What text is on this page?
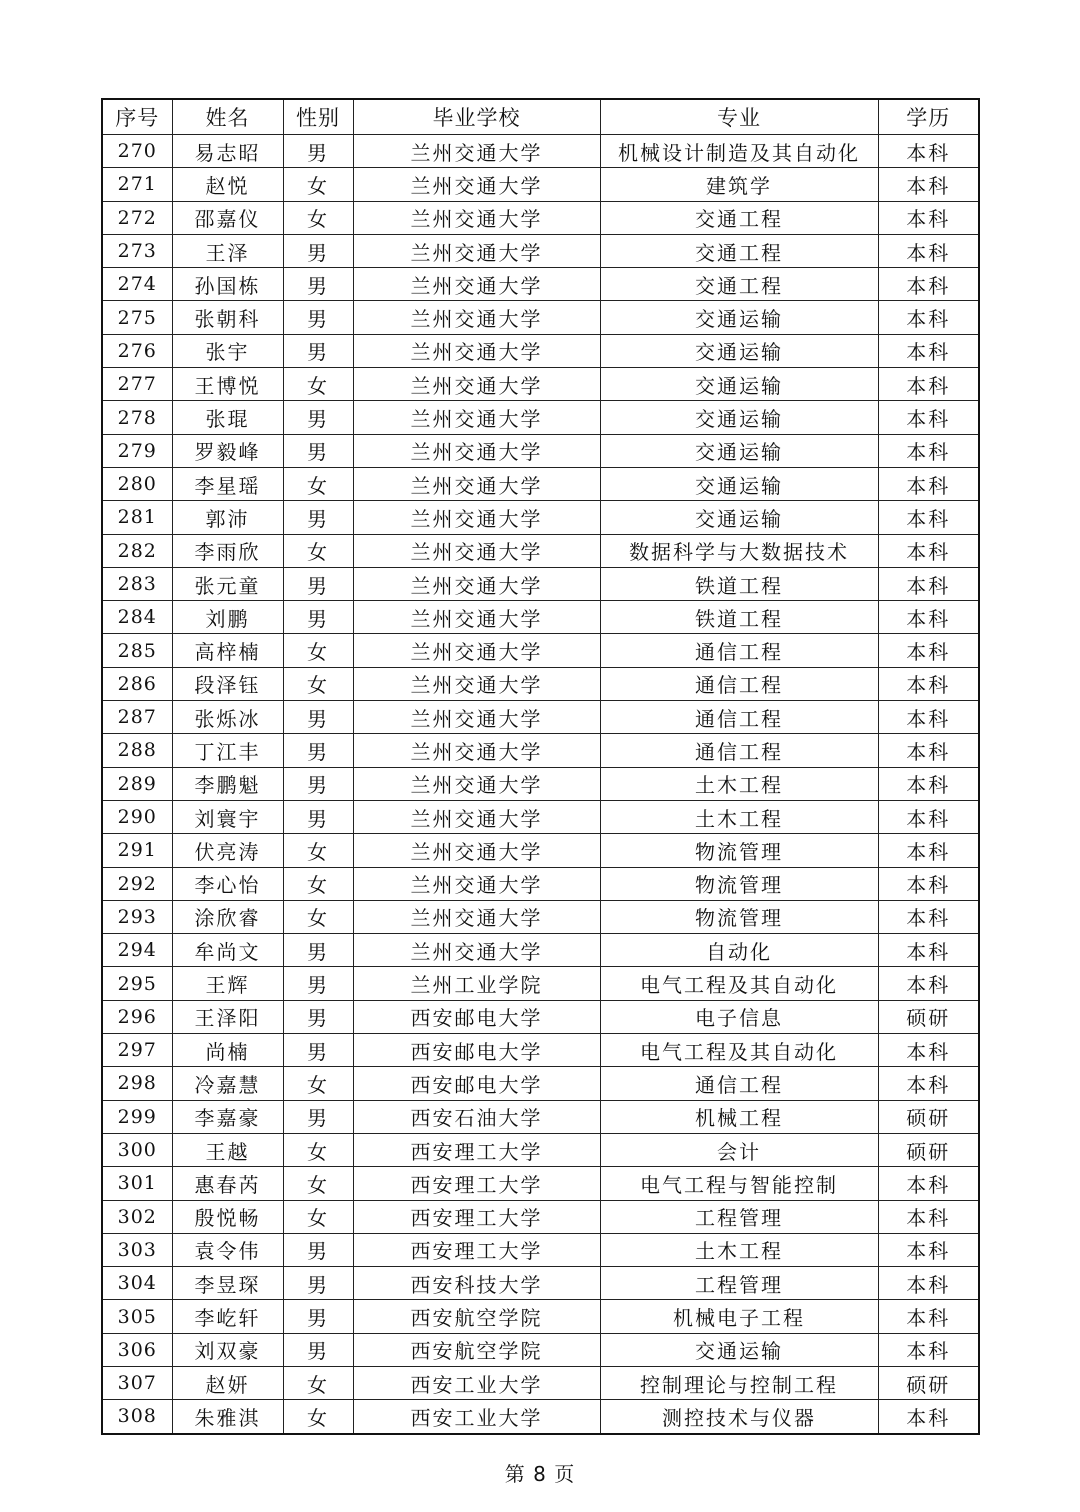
序号	姓名	性别	毕业学校	专业	学历
270	易志昭	男	兰州交通大学	机械设计制造及其自动化	本科
271	赵悦	女	兰州交通大学	建筑学	本科
272	邵嘉仪	女	兰州交通大学	交通工程	本科
273	王泽	男	兰州交通大学	交通工程	本科
274	孙国栋	男	兰州交通大学	交通工程	本科
275	张朝科	男	兰州交通大学	交通运输	本科
276	张宇	男	兰州交通大学	交通运输	本科
277	王博悦	女	兰州交通大学	交通运输	本科
278	张琨	男	兰州交通大学	交通运输	本科
279	罗毅峰	男	兰州交通大学	交通运输	本科
280	李星瑶	女	兰州交通大学	交通运输	本科
281	郭沛	男	兰州交通大学	交通运输	本科
282	李雨欣	女	兰州交通大学	数据科学与大数据技术	本科
283	张元童	男	兰州交通大学	铁道工程	本科
284	刘鹏	男	兰州交通大学	铁道工程	本科
285	高梓楠	女	兰州交通大学	通信工程	本科
286	段泽钰	女	兰州交通大学	通信工程	本科
287	张烁冰	男	兰州交通大学	通信工程	本科
288	丁江丰	男	兰州交通大学	通信工程	本科
289	李鹏魁	男	兰州交通大学	土木工程	本科
290	刘寰宇	男	兰州交通大学	土木工程	本科
291	伏亮涛	女	兰州交通大学	物流管理	本科
292	李心怡	女	兰州交通大学	物流管理	本科
293	涂欣睿	女	兰州交通大学	物流管理	本科
294	牟尚文	男	兰州交通大学	自动化	本科
295	王辉	男	兰州工业学院	电气工程及其自动化	本科
296	王泽阳	男	西安邮电大学	电子信息	硕研
297	尚楠	男	西安邮电大学	电气工程及其自动化	本科
298	冷嘉慧	女	西安邮电大学	通信工程	本科
299	李嘉豪	男	西安石油大学	机械工程	硕研
300	王越	女	西安理工大学	会计	硕研
301	惠春芮	女	西安理工大学	电气工程与智能控制	本科
302	殷悦畅	女	西安理工大学	工程管理	本科
303	袁令伟	男	西安理工大学	土木工程	本科
304	李昱琛	男	西安科技大学	工程管理	本科
305	李屹轩	男	西安航空学院	机械电子工程	本科
306	刘双豪	男	西安航空学院	交通运输	本科
307	赵妍	女	西安工业大学	控制理论与控制工程	硕研
308	朱雅淇	女	西安工业大学	测控技术与仪器	本科
第 8 页
